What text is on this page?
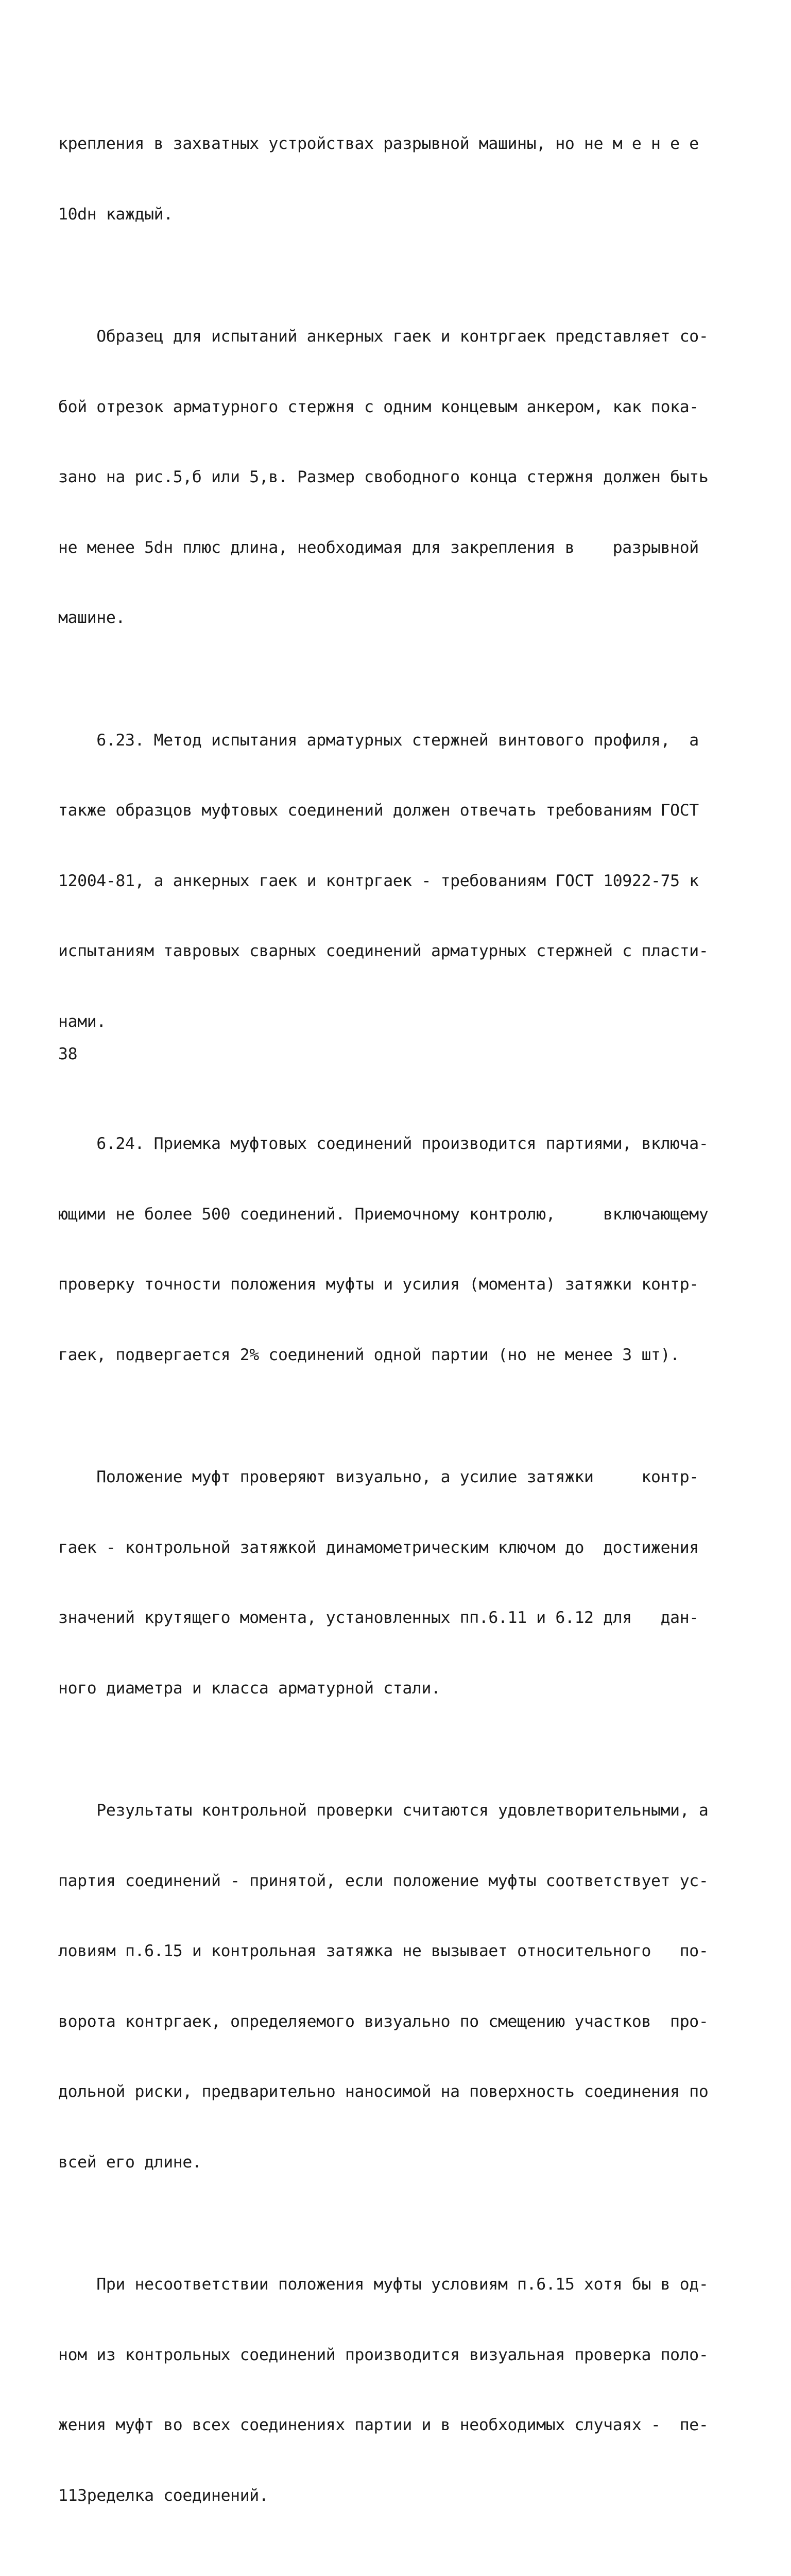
крепления в захватных устройствах разрывной машины, но не м е н е е

10dн каждый.

Образец для испытаний анкерных гаек и контргаек представляет со-

бой отрезок арматурного стержня с одним концевым анкером, как пока-

зано на рис.5,б или 5,в. Размер свободного конца стержня должен быть

не менее 5dн плюс длина, необходимая для закрепления в    разрывной

машине.

6.23. Метод испытания арматурных стержней винтового профиля,  а

также образцов муфтовых соединений должен отвечать требованиям ГОСТ

12004-81, а анкерных гаек и контргаек - требованиям ГОСТ 10922-75 к

испытаниям тавровых сварных соединений арматурных стержней с пласти-

нами.

6.24. Приемка муфтовых соединений производится партиями, включа-

ющими не более 500 соединений. Приемочному контролю,     включающему

проверку точности положения муфты и усилия (момента) затяжки контр-

гаек, подвергается 2% соединений одной партии (но не менее 3 шт).

Положение муфт проверяют визуально, а усилие затяжки     контр-

гаек - контрольной затяжкой динамометрическим ключом до  достижения

значений крутящего момента, установленных пп.6.11 и 6.12 для   дан-

ного диаметра и класса арматурной стали.

Результаты контрольной проверки считаются удовлетворительными, а

партия соединений - принятой, если положение муфты соответствует ус-

ловиям п.6.15 и контрольная затяжка не вызывает относительного   по-

ворота контргаек, определяемого визуально по смещению участков  про-

дольной риски, предварительно наносимой на поверхность соединения по

всей его длине.

При несоответствии положения муфты условиям п.6.15 хотя бы в од-

ном из контрольных соединений производится визуальная проверка поло-

жения муфт во всех соединениях партии и в необходимых случаях -  пе-

113ределка соединений.

38
